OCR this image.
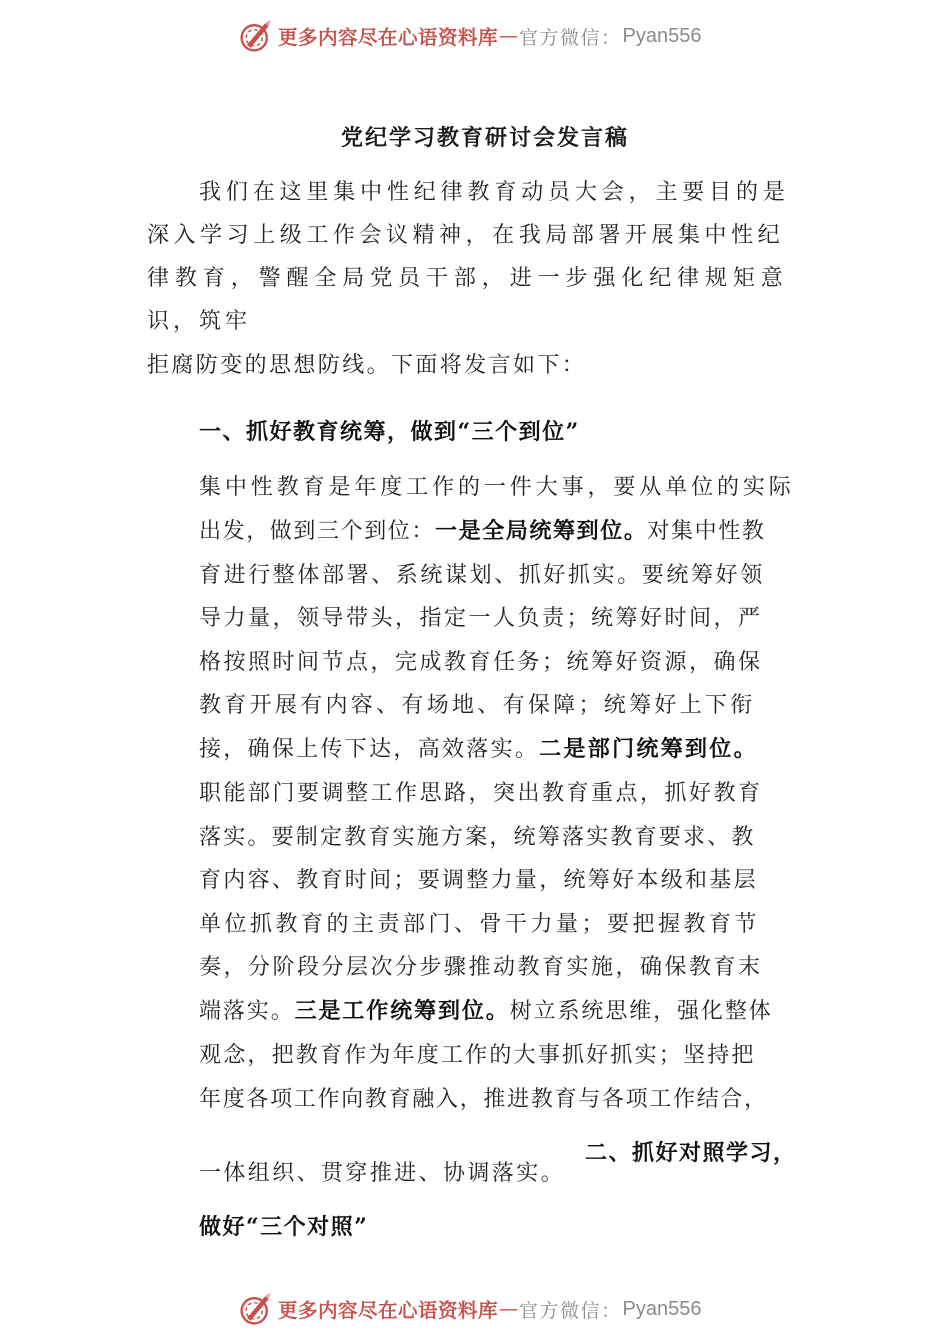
更多内容尽在心语资料库 — 官方微信： Pyan556
党纪学习教育研讨会发言稿
我们在这里集中性纪律教育动员大会，主要目的是
深入学习上级工作会议精神，在我局部署开展集中性纪
律教育，警醒全局党员干部，进一步强化纪律规矩意
识，筑牢
拒腐防变的思想防线。下面将发言如下：
一、抓好教育统筹，做到“三个到位”
集中性教育是年度工作的一件大事，要从单位的实际
出发，做到三个到位：一是全局统筹到位。对集中性教
育进行整体部署、系统谋划、抓好抓实。要统筹好领
导力量，领导带头，指定一人负责；统筹好时间，严
格按照时间节点，完成教育任务；统筹好资源，确保
教育开展有内容、有场地、有保障；统筹好上下衔
接，确保上传下达，高效落实。二是部门统筹到位。
职能部门要调整工作思路，突出教育重点，抓好教育
落实。要制定教育实施方案，统筹落实教育要求、教
育内容、教育时间；要调整力量，统筹好本级和基层
单位抓教育的主责部门、骨干力量；要把握教育节
奏，分阶段分层次分步骤推动教育实施，确保教育末
端落实。三是工作统筹到位。树立系统思维，强化整体
观念，把教育作为年度工作的大事抓好抓实；坚持把
年度各项工作向教育融入，推进教育与各项工作结合，
一体组织、贯穿推进、协调落实。
二、抓好对照学习，
做好“三个对照”
更多内容尽在心语资料库 — 官方微信： Pyan556
